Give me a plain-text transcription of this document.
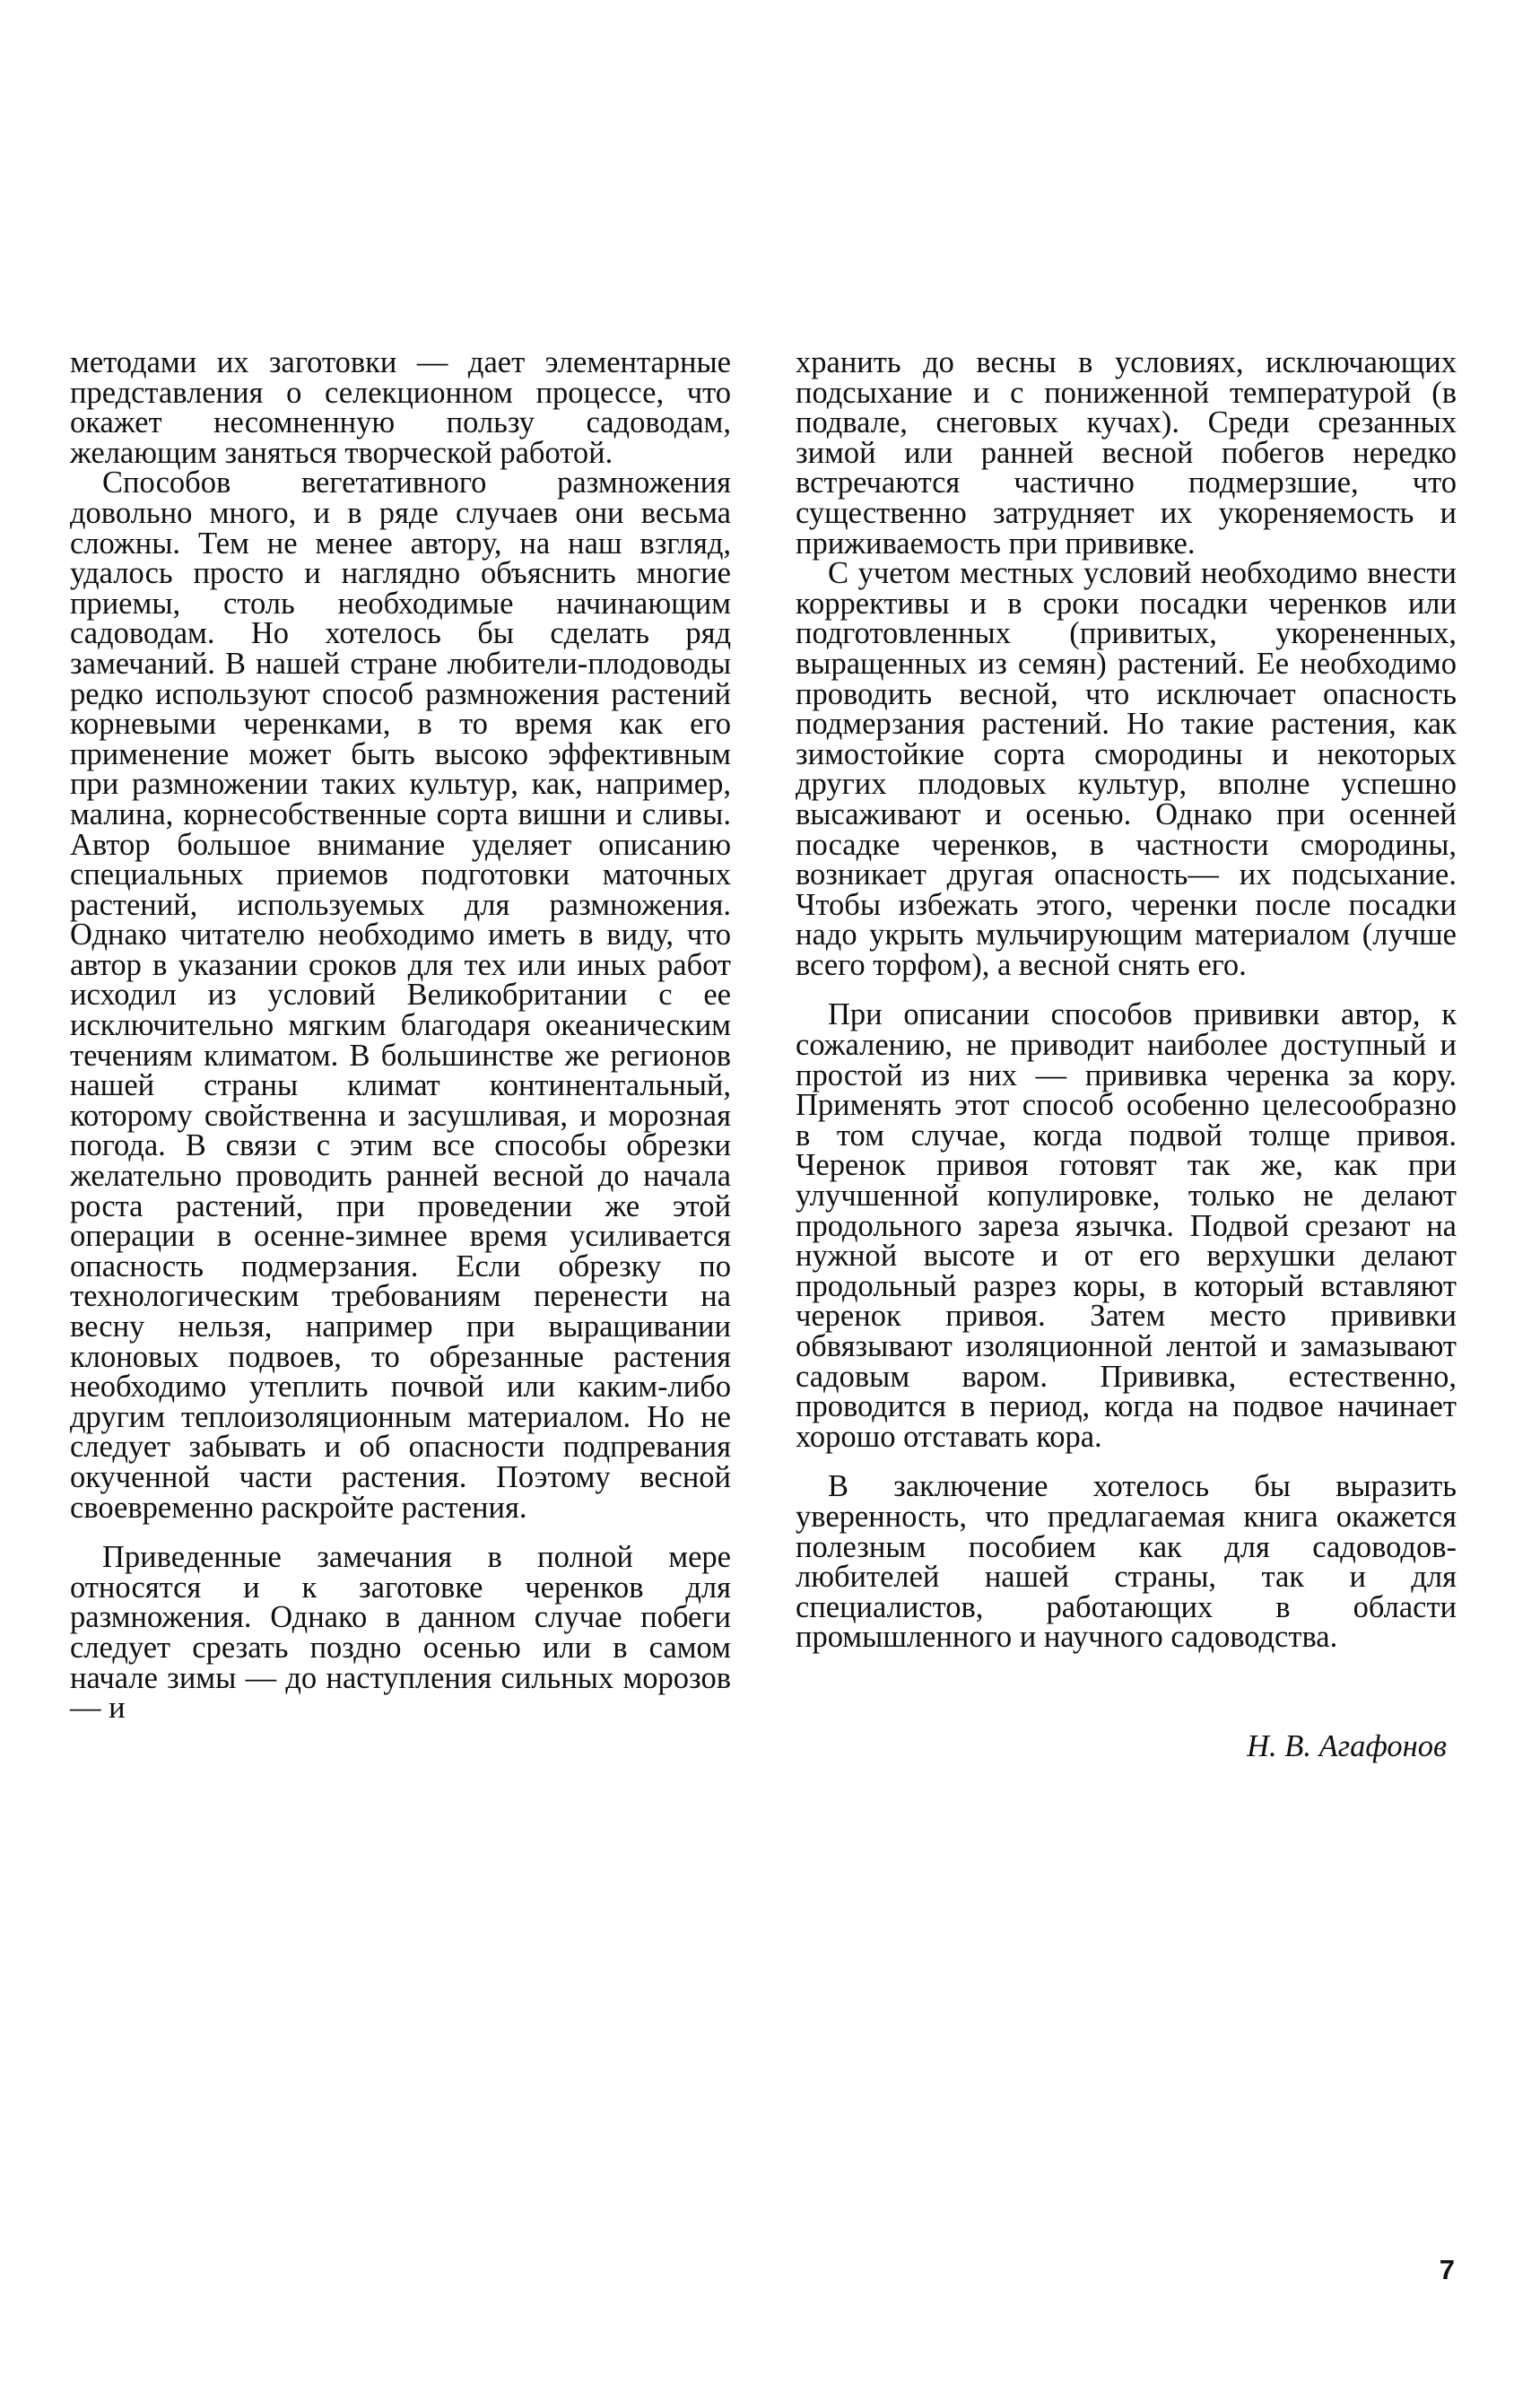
методами их заготовки — дает элементарные представления о селекционном процессе, что окажет несомненную пользу садоводам, желающим заняться творческой работой.

Способов вегетативного размножения довольно много, и в ряде случаев они весьма сложны. Тем не менее автору, на наш взгляд, удалось просто и наглядно объяснить многие приемы, столь необходимые начинающим садоводам. Но хотелось бы сделать ряд замечаний. В нашей стране любители-плодоводы редко используют способ размножения растений корневыми черенками, в то время как его применение может быть высоко эффективным при размножении таких культур, как, например, малина, корнесобственные сорта вишни и сливы. Автор большое внимание уделяет описанию специальных приемов подготовки маточных растений, используемых для размножения. Однако читателю необходимо иметь в виду, что автор в указании сроков для тех или иных работ исходил из условий Великобритании с ее исключительно мягким благодаря океаническим течениям климатом. В большинстве же регионов нашей страны климат континентальный, которому свойственна и засушливая, и морозная погода. В связи с этим все способы обрезки желательно проводить ранней весной до начала роста растений, при проведении же этой операции в осенне-зимнее время усиливается опасность подмерзания. Если обрезку по технологическим требованиям перенести на весну нельзя, например при выращивании клоновых подвоев, то обрезанные растения необходимо утеплить почвой или каким-либо другим теплоизоляционным материалом. Но не следует забывать и об опасности подпревания окученной части растения. Поэтому весной своевременно раскройте растения.

Приведенные замечания в полной мере относятся и к заготовке черенков для размножения. Однако в данном случае побеги следует срезать поздно осенью или в самом начале зимы — до наступления сильных морозов — и

хранить до весны в условиях, исключающих подсыхание и с пониженной температурой (в подвале, снеговых кучах). Среди срезанных зимой или ранней весной побегов нередко встречаются частично подмерзшие, что существенно затрудняет их укореняемость и приживаемость при прививке.

С учетом местных условий необходимо внести коррективы и в сроки посадки черенков или подготовленных (привитых, укорененных, выращенных из семян) растений. Ее необходимо проводить весной, что исключает опасность подмерзания растений. Но такие растения, как зимостойкие сорта смородины и некоторых других плодовых культур, вполне успешно высаживают и осенью. Однако при осенней посадке черенков, в частности смородины, возникает другая опасность— их подсыхание. Чтобы избежать этого, черенки после посадки надо укрыть мульчирующим материалом (лучше всего торфом), а весной снять его.

При описании способов прививки автор, к сожалению, не приводит наиболее доступный и простой из них — прививка черенка за кору. Применять этот способ особенно целесообразно в том случае, когда подвой толще привоя. Черенок привоя готовят так же, как при улучшенной копулировке, только не делают продольного зареза язычка. Подвой срезают на нужной высоте и от его верхушки делают продольный разрез коры, в который вставляют черенок привоя. Затем место прививки обвязывают изоляционной лентой и замазывают садовым варом. Прививка, естественно, проводится в период, когда на подвое начинает хорошо отставать кора.

В заключение хотелось бы выразить уверенность, что предлагаемая книга окажется полезным пособием как для садоводов-любителей нашей страны, так и для специалистов, работающих в области промышленного и научного садоводства.

Н. В. Агафонов

7
